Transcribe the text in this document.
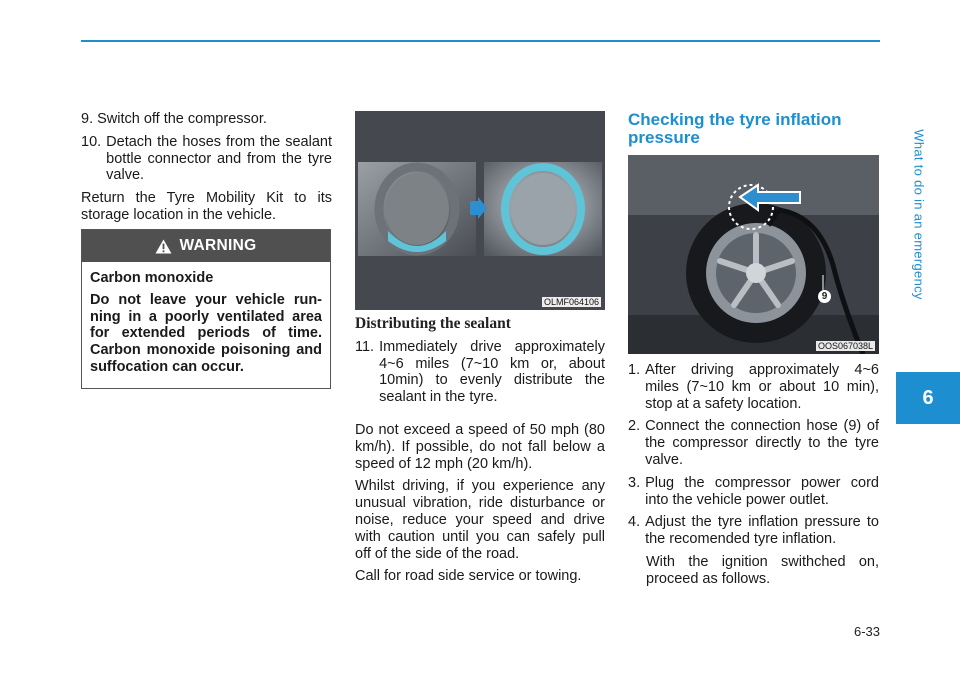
What to do in an emergency
6
9. Switch off the compressor.
10. Detach the hoses from the sealant bottle connector and from the tyre valve.

Return the Tyre Mobility Kit to its storage location in the vehicle.

WARNING

Carbon monoxide

Do not leave your vehicle run-ning in a poorly ventilated area for extended periods of time. Carbon monoxide poisoning and suffocation can occur.

OLMF064106

Distributing the sealant

11. Immediately drive approximately 4~6 miles (7~10 km or, about 10min) to evenly distribute the sealant in the tyre.

Do not exceed a speed of 50 mph (80 km/h). If possible, do not fall below a speed of 12 mph (20 km/h).

Whilst driving, if you experience any unusual vibration, ride disturbance or noise, reduce your speed and drive with caution until you can safely pull off of the side of the road.

Call for road side service or towing.

Checking the tyre inflation pressure
9
OOS067038L
1. After driving approximately 4~6 miles (7~10 km or about 10 min), stop at a safety location.
2. Connect the connection hose (9) of the compressor directly to the tyre valve.
3. Plug the compressor power cord into the vehicle power outlet.
4. Adjust the tyre inflation pressure to the recomended tyre inflation.

With the ignition swithched on, proceed as follows.

6-33
